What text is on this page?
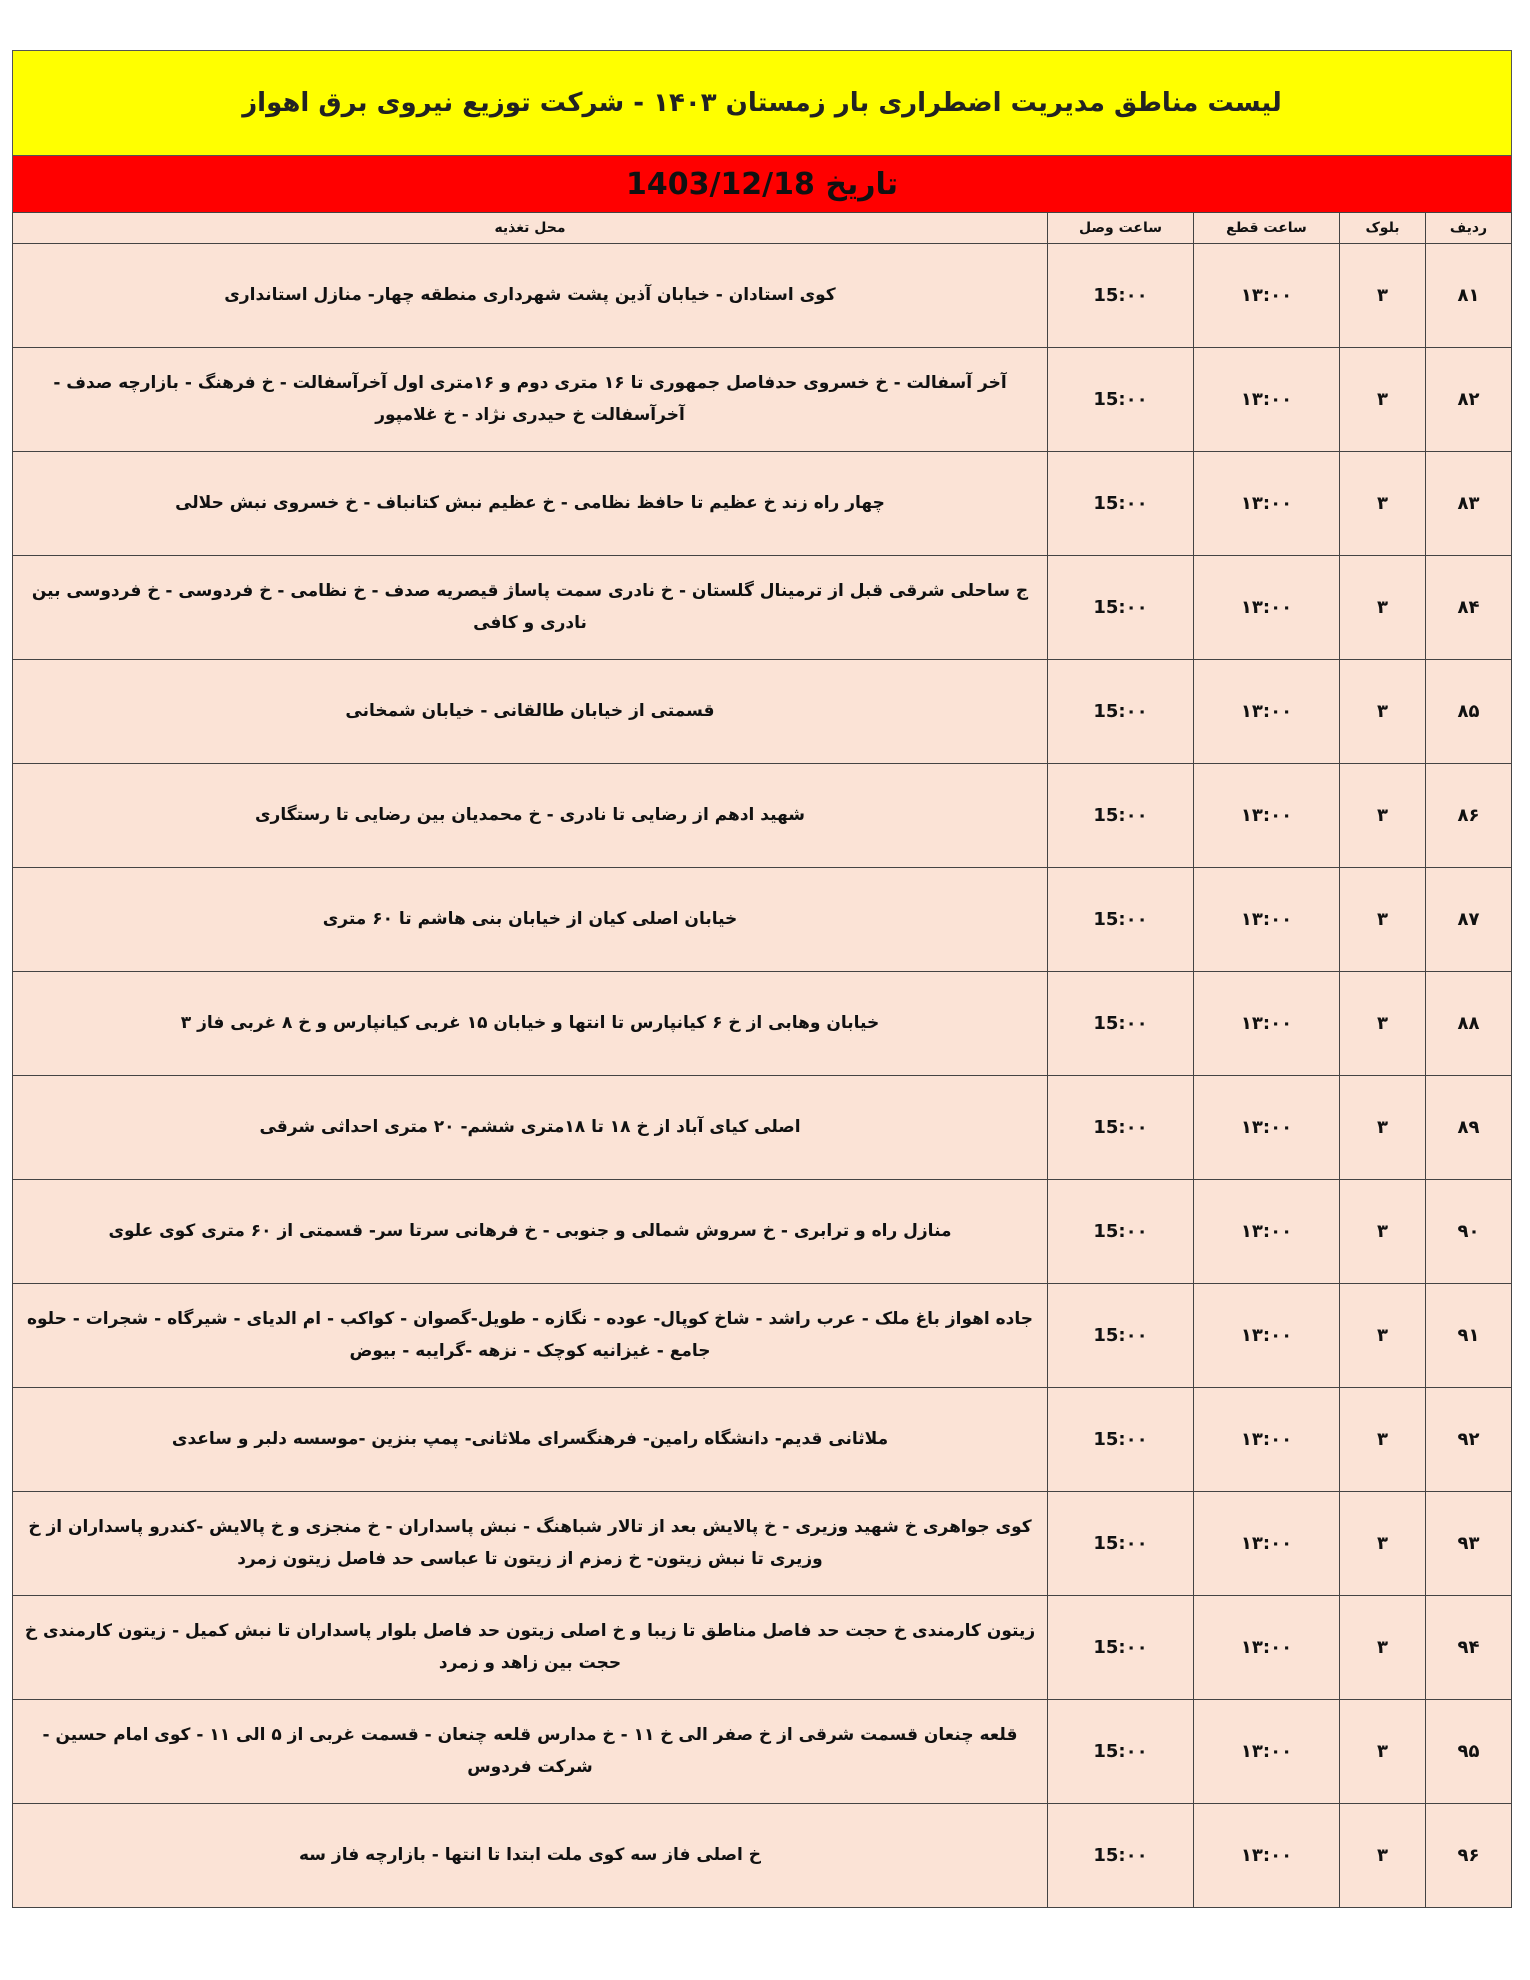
لیست مناطق مدیریت اضطراری بار زمستان ۱۴۰۳ - شرکت توزیع نیروی برق اهواز
تاریخ 1403/12/18
ردیف	بلوک	ساعت قطع	ساعت وصل	محل تغذیه
۸۱	۳	۱۳:۰۰	15:۰۰	کوی استادان - خیابان آذین پشت شهرداری منطقه چهار- منازل استانداری
۸۲	۳	۱۳:۰۰	15:۰۰	آخر آسفالت - خ خسروی حدفاصل جمهوری تا ۱۶ متری دوم و ۱۶متری اول آخرآسفالت - خ فرهنگ - بازارچه صدف - آخرآسفالت خ حیدری نژاد - خ غلامپور
۸۳	۳	۱۳:۰۰	15:۰۰	چهار راه زند خ عظیم تا حافظ نظامی - خ عظیم نبش کتانباف - خ خسروی نبش حلالی
۸۴	۳	۱۳:۰۰	15:۰۰	ج ساحلی شرقی قبل از ترمینال گلستان - خ نادری سمت پاساژ قیصریه صدف - خ نظامی - خ فردوسی - خ فردوسی بین نادری و کافی
۸۵	۳	۱۳:۰۰	15:۰۰	قسمتی از خیابان طالقانی - خیابان شمخانی
۸۶	۳	۱۳:۰۰	15:۰۰	شهید ادهم از رضایی تا نادری - خ محمدیان بین رضایی تا رستگاری
۸۷	۳	۱۳:۰۰	15:۰۰	خیابان اصلی کیان از خیابان بنی هاشم تا ۶۰ متری
۸۸	۳	۱۳:۰۰	15:۰۰	خیابان وهابی از خ ۶ کیانپارس تا انتها و خیابان ۱۵ غربی کیانپارس و خ ۸ غربی فاز ۳
۸۹	۳	۱۳:۰۰	15:۰۰	اصلی کیای آباد از خ ۱۸ تا ۱۸متری ششم- ۲۰ متری احداثی شرقی
۹۰	۳	۱۳:۰۰	15:۰۰	منازل راه و ترابری - خ سروش شمالی و جنوبی - خ فرهانی سرتا سر- قسمتی از ۶۰ متری کوی علوی
۹۱	۳	۱۳:۰۰	15:۰۰	جاده اهواز باغ ملک - عرب راشد - شاخ کوپال- عوده - نگازه - طویل-گصوان - کواکب - ام الدیای - شیرگاه - شجرات - حلوه جامع - غیزانیه کوچک - نزهه -گرایبه - بیوض
۹۲	۳	۱۳:۰۰	15:۰۰	ملاثانی قدیم- دانشگاه رامین- فرهنگسرای ملاثانی- پمپ بنزین -موسسه دلبر و ساعدی
۹۳	۳	۱۳:۰۰	15:۰۰	کوی جواهری خ شهید وزیری - خ پالایش بعد از تالار شباهنگ - نبش پاسداران - خ منجزی و خ پالایش -کندرو پاسداران از خ وزیری تا نبش زیتون- خ زمزم از زیتون تا عباسی حد فاصل زیتون زمرد
۹۴	۳	۱۳:۰۰	15:۰۰	زیتون کارمندی خ حجت حد فاصل مناطق تا زیبا و خ اصلی زیتون حد فاصل بلوار پاسداران تا نبش کمیل - زیتون کارمندی خ حجت بین زاهد و زمرد
۹۵	۳	۱۳:۰۰	15:۰۰	قلعه چنعان قسمت شرقی از خ صفر الی خ ۱۱ - خ مدارس قلعه چنعان - قسمت غربی از ۵ الی ۱۱ - کوی امام حسین - شرکت فردوس
۹۶	۳	۱۳:۰۰	15:۰۰	خ اصلی فاز سه کوی ملت ابتدا تا انتها - بازارچه فاز سه
